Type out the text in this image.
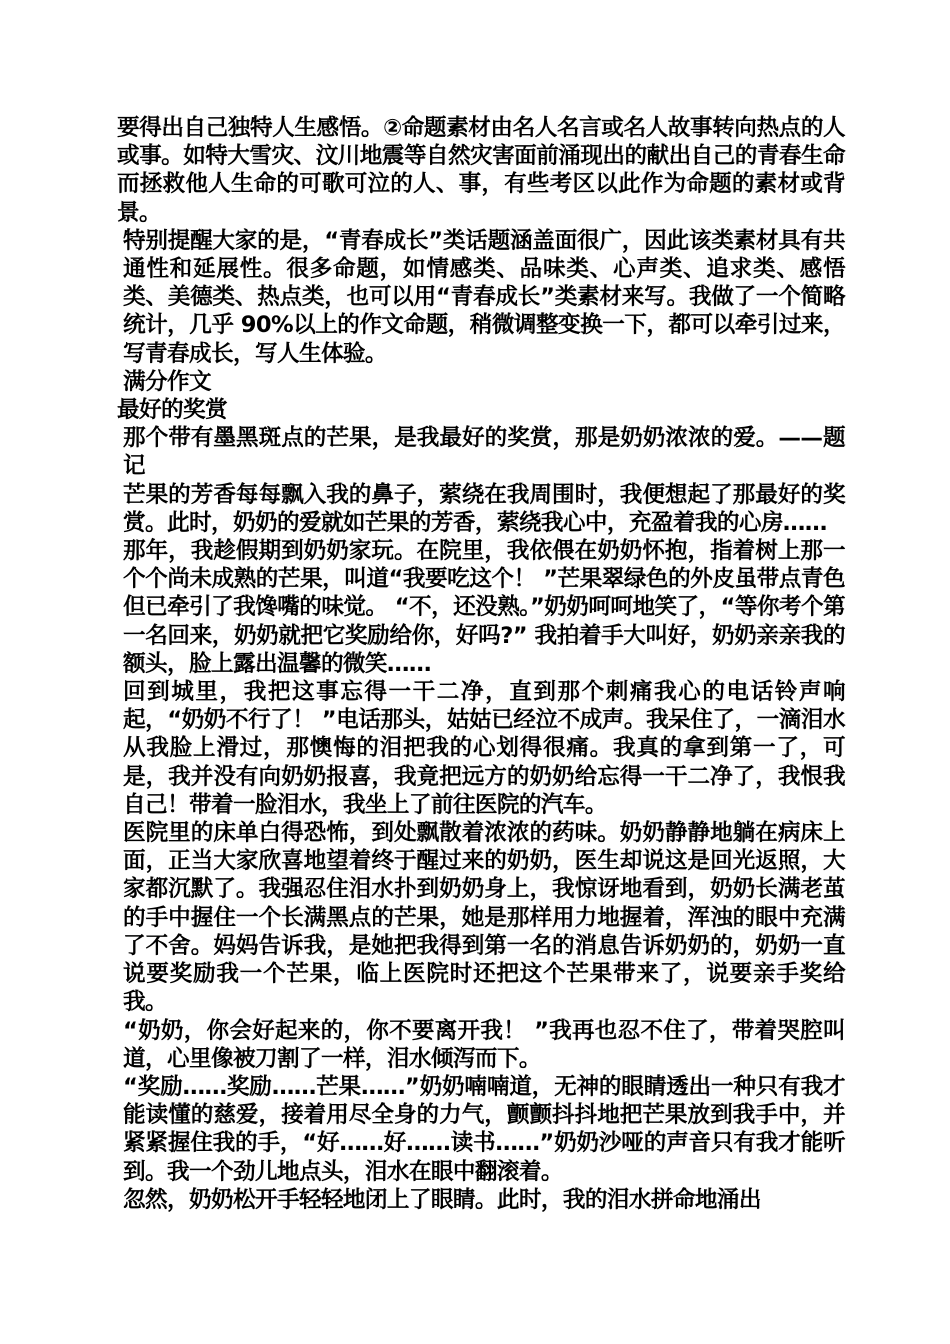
要得出自己独特人生感悟。②命题素材由名人名言或名人故事转向热点的人或事。如特大雪灾、汶川地震等自然灾害面前涌现出的献出自己的青春生命而拯救他人生命的可歌可泣的人、事，有些考区以此作为命题的素材或背景。

特别提醒大家的是，“青春成长”类话题涵盖面很广，因此该类素材具有共通性和延展性。很多命题，如情感类、品味类、心声类、追求类、感悟类、美德类、热点类，也可以用“青春成长”类素材来写。我做了一个简略统计，几乎 90%以上的作文命题，稍微调整变换一下，都可以牵引过来，写青春成长，写人生体验。

满分作文

最好的奖赏

那个带有墨黑斑点的芒果，是我最好的奖赏，那是奶奶浓浓的爱。——题记

芒果的芳香每每飘入我的鼻子，萦绕在我周围时，我便想起了那最好的奖赏。此时，奶奶的爱就如芒果的芳香，萦绕我心中，充盈着我的心房……

那年，我趁假期到奶奶家玩。在院里，我依偎在奶奶怀抱，指着树上那一个个尚未成熟的芒果，叫道“我要吃这个！ ”芒果翠绿色的外皮虽带点青色但已牵引了我馋嘴的味觉。 “不，还没熟。”奶奶呵呵地笑了，“等你考个第一名回来，奶奶就把它奖励给你，好吗?” 我拍着手大叫好，奶奶亲亲我的额头，脸上露出温馨的微笑……

回到城里，我把这事忘得一干二净，直到那个刺痛我心的电话铃声响起，“奶奶不行了！ ”电话那头，姑姑已经泣不成声。我呆住了，一滴泪水从我脸上滑过，那懊悔的泪把我的心划得很痛。我真的拿到第一了，可是，我并没有向奶奶报喜，我竟把远方的奶奶给忘得一干二净了，我恨我自己！带着一脸泪水，我坐上了前往医院的汽车。

医院里的床单白得恐怖，到处飘散着浓浓的药味。奶奶静静地躺在病床上面，正当大家欣喜地望着终于醒过来的奶奶，医生却说这是回光返照，大家都沉默了。我强忍住泪水扑到奶奶身上，我惊讶地看到，奶奶长满老茧的手中握住一个长满黑点的芒果，她是那样用力地握着，浑浊的眼中充满了不舍。妈妈告诉我，是她把我得到第一名的消息告诉奶奶的，奶奶一直说要奖励我一个芒果，临上医院时还把这个芒果带来了，说要亲手奖给我。

“奶奶，你会好起来的，你不要离开我！ ”我再也忍不住了，带着哭腔叫道，心里像被刀割了一样，泪水倾泻而下。

“奖励……奖励……芒果……”奶奶喃喃道，无神的眼睛透出一种只有我才能读懂的慈爱，接着用尽全身的力气，颤颤抖抖地把芒果放到我手中，并紧紧握住我的手，“好……好……读书……”奶奶沙哑的声音只有我才能听到。我一个劲儿地点头，泪水在眼中翻滚着。

忽然，奶奶松开手轻轻地闭上了眼睛。此时，我的泪水拼命地涌出
